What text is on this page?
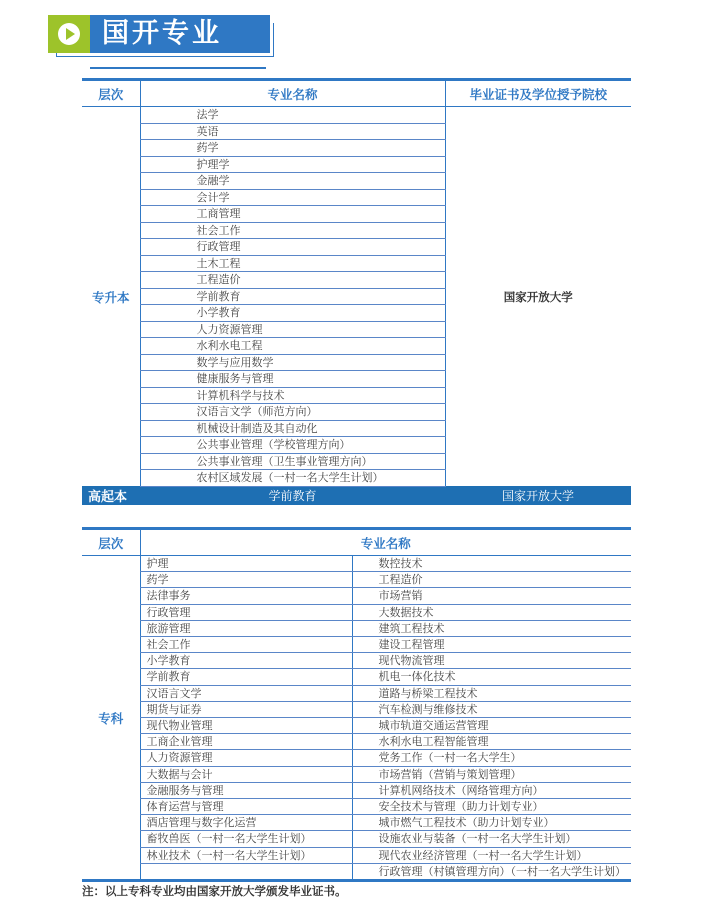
国开专业
层次	专业名称	毕业证书及学位授予院校
专升本	法学	国家开放大学
	英语	
	药学	
	护理学	
	金融学	
	会计学	
	工商管理	
	社会工作	
	行政管理	
	土木工程	
	工程造价	
	学前教育	
	小学教育	
	人力资源管理	
	水利水电工程	
	数学与应用数学	
	健康服务与管理	
	计算机科学与技术	
	汉语言文学（师范方向）	
	机械设计制造及其自动化	
	公共事业管理（学校管理方向）	
	公共事业管理（卫生事业管理方向）	
	农村区域发展（一村一名大学生计划）	
高起本	学前教育	国家开放大学
层次	专业名称	
专科	护理	数控技术
	药学	工程造价
	法律事务	市场营销
	行政管理	大数据技术
	旅游管理	建筑工程技术
	社会工作	建设工程管理
	小学教育	现代物流管理
	学前教育	机电一体化技术
	汉语言文学	道路与桥梁工程技术
	期货与证券	汽车检测与维修技术
	现代物业管理	城市轨道交通运营管理
	工商企业管理	水利水电工程智能管理
	人力资源管理	党务工作（一村一名大学生）
	大数据与会计	市场营销（营销与策划管理）
	金融服务与管理	计算机网络技术（网络管理方向）
	体育运营与管理	安全技术与管理（助力计划专业）
	酒店管理与数字化运营	城市燃气工程技术（助力计划专业）
	畜牧兽医（一村一名大学生计划）	设施农业与装备（一村一名大学生计划）
	林业技术（一村一名大学生计划）	现代农业经济管理（一村一名大学生计划）
		行政管理（村镇管理方向）（一村一名大学生计划）
注：以上专科专业均由国家开放大学颁发毕业证书。
